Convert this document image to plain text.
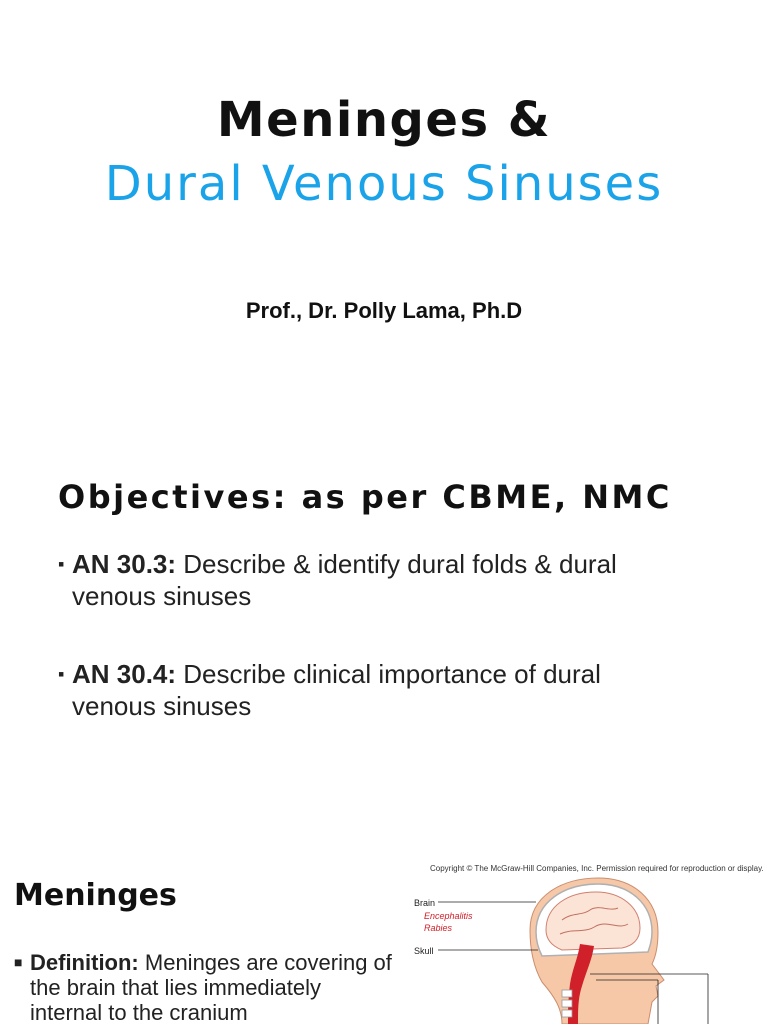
Meninges &
Dural Venous Sinuses
Prof., Dr. Polly Lama, Ph.D
Objectives: as per CBME, NMC
▪ AN 30.3: Describe & identify dural folds & dural
venous sinuses
▪ AN 30.4: Describe clinical importance of dural
venous sinuses
Meninges
■ Definition: Meninges are covering of
the brain that lies immediately
internal to the cranium
Copyright © The McGraw-Hill Companies, Inc. Permission required for reproduction or display.
Brain
Encephalitis
Rabies
Skull
